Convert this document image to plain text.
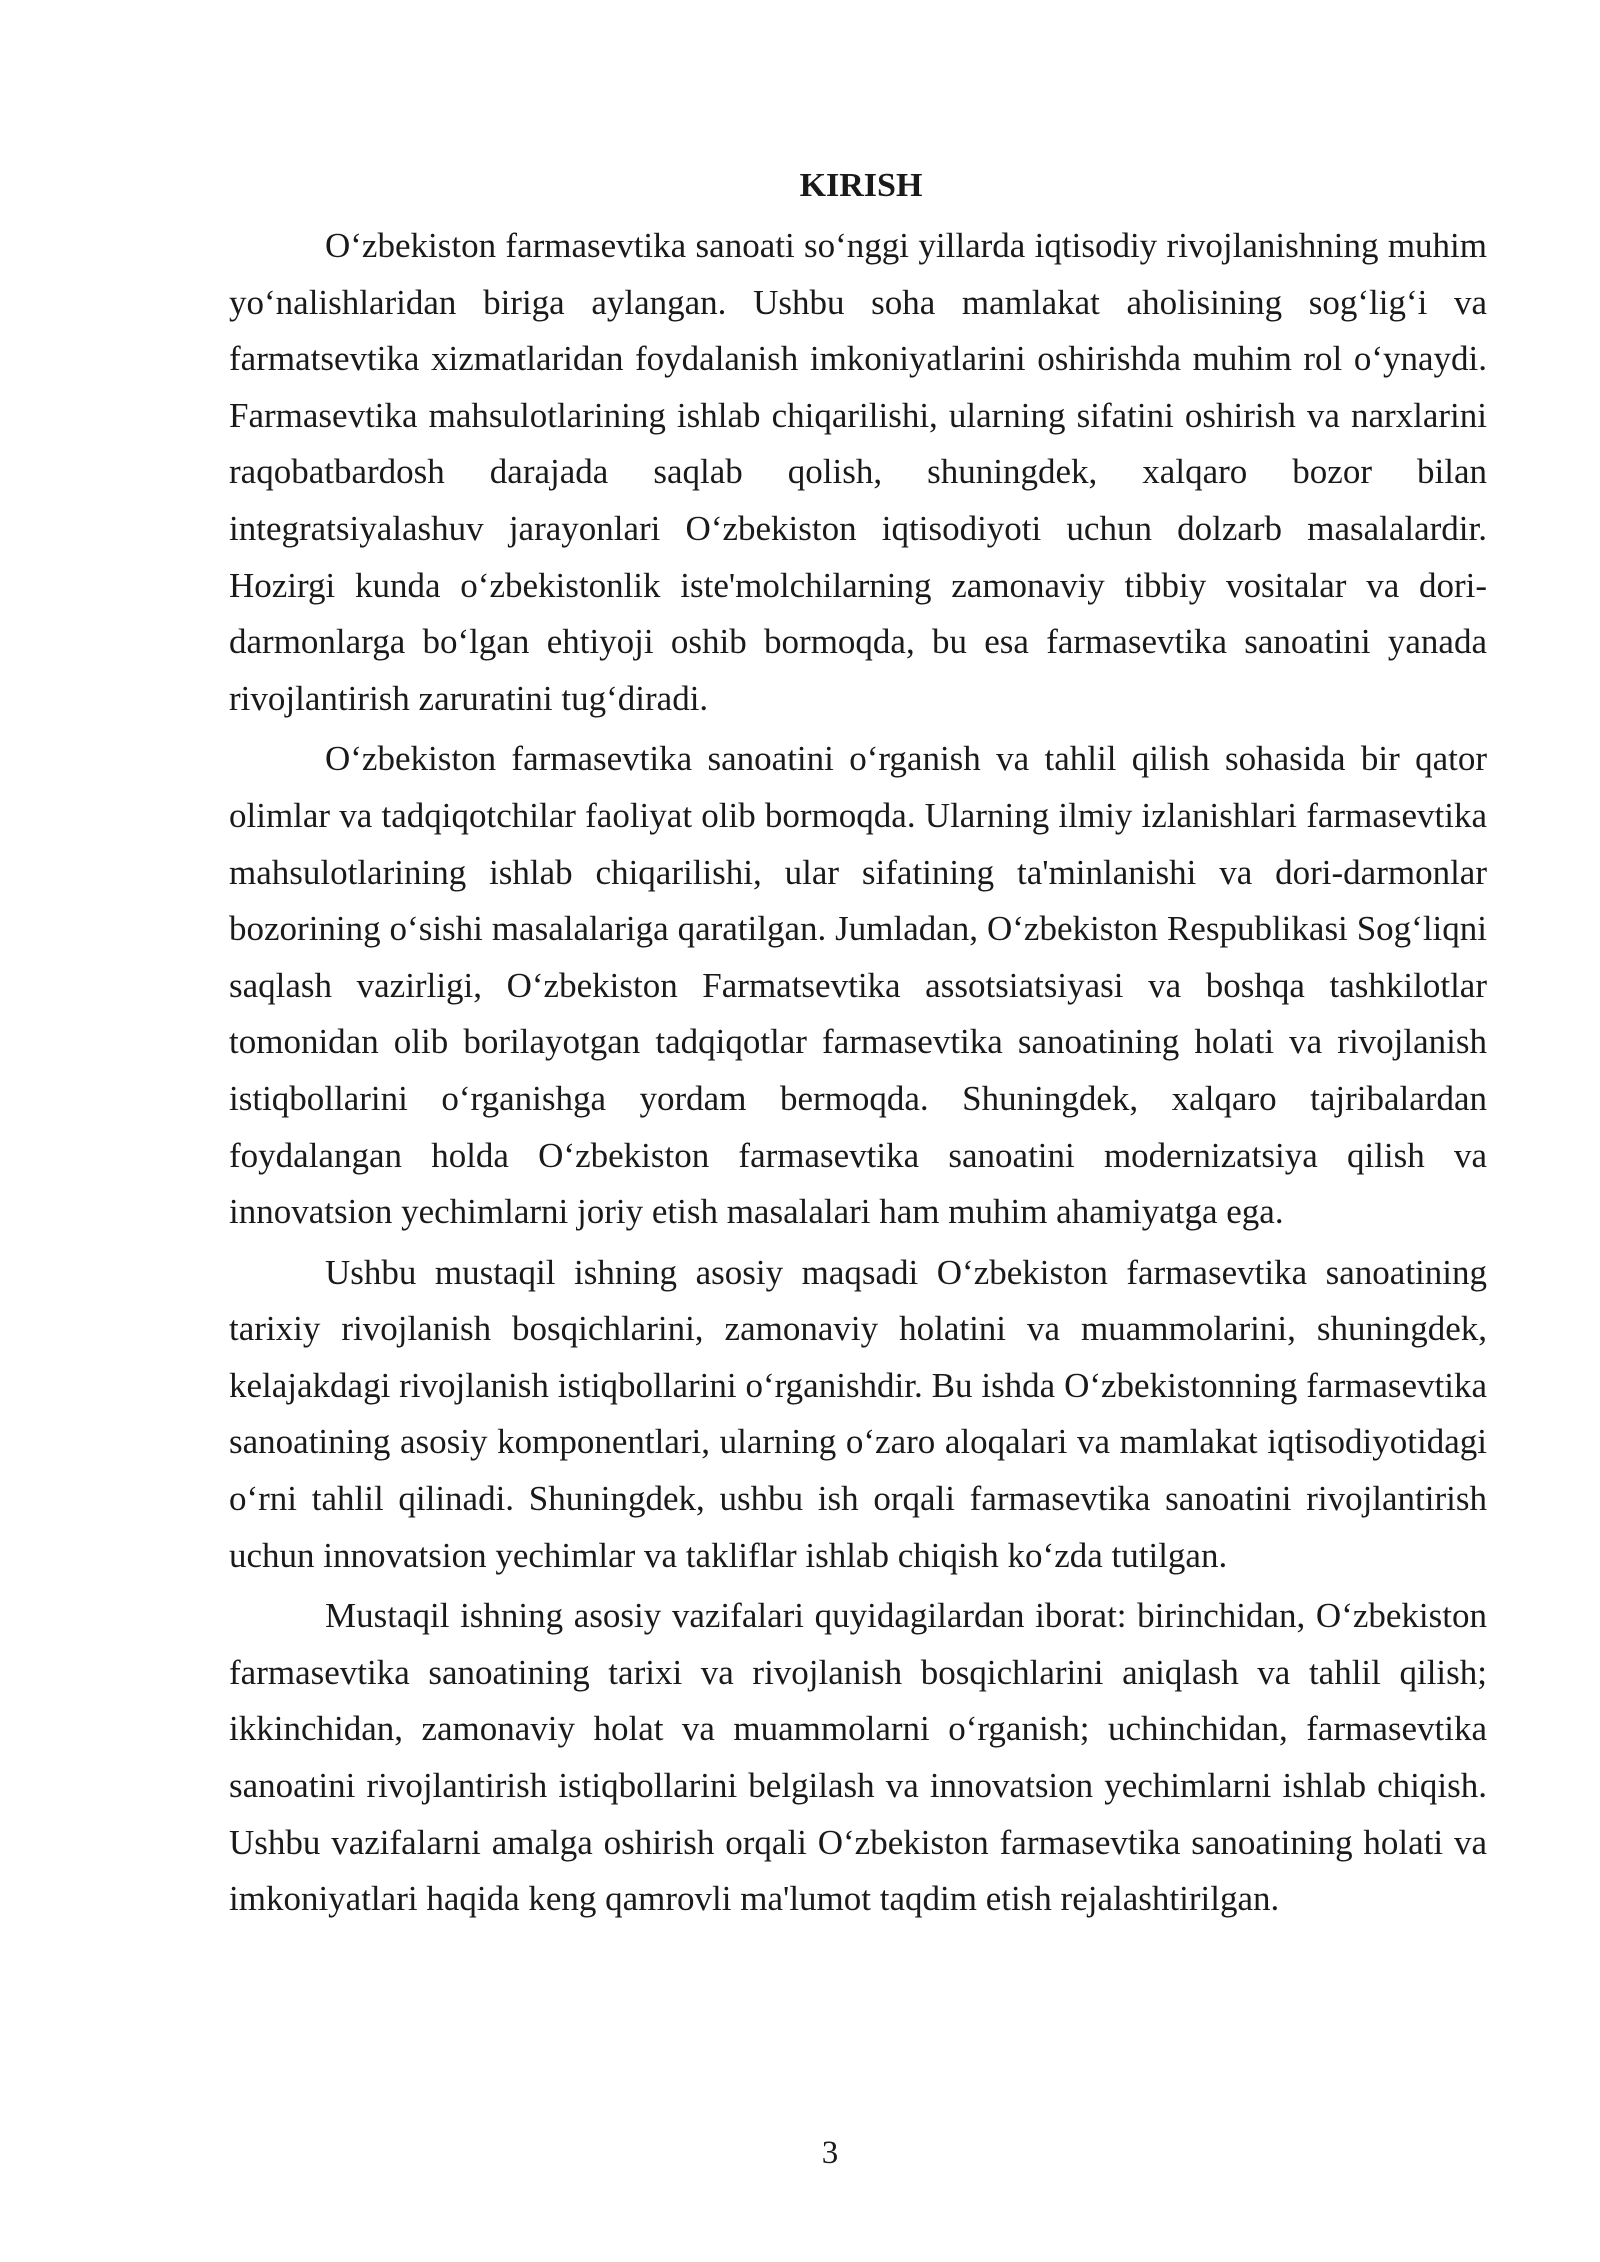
KIRISH

O‘zbekiston farmasevtika sanoati so‘nggi yillarda iqtisodiy rivojlanishning muhim yo‘nalishlaridan biriga aylangan. Ushbu soha mamlakat aholisining sog‘lig‘i va farmatsevtika xizmatlaridan foydalanish imkoniyatlarini oshirishda muhim rol o‘ynaydi. Farmasevtika mahsulotlarining ishlab chiqarilishi, ularning sifatini oshirish va narxlarini raqobatbardosh darajada saqlab qolish, shuningdek, xalqaro bozor bilan integratsiyalashuv jarayonlari O‘zbekiston iqtisodiyoti uchun dolzarb masalalardir. Hozirgi kunda o‘zbekistonlik iste'molchilarning zamonaviy tibbiy vositalar va dori-darmonlarga bo‘lgan ehtiyoji oshib bormoqda, bu esa farmasevtika sanoatini yanada rivojlantirish zaruratini tug‘diradi.

O‘zbekiston farmasevtika sanoatini o‘rganish va tahlil qilish sohasida bir qator olimlar va tadqiqotchilar faoliyat olib bormoqda. Ularning ilmiy izlanishlari farmasevtika mahsulotlarining ishlab chiqarilishi, ular sifatining ta'minlanishi va dori-darmonlar bozorining o‘sishi masalalariga qaratilgan. Jumladan, O‘zbekiston Respublikasi Sog‘liqni saqlash vazirligi, O‘zbekiston Farmatsevtika assotsiatsiyasi va boshqa tashkilotlar tomonidan olib borilayotgan tadqiqotlar farmasevtika sanoatining holati va rivojlanish istiqbollarini o‘rganishga yordam bermoqda. Shuningdek, xalqaro tajribalardan foydalangan holda O‘zbekiston farmasevtika sanoatini modernizatsiya qilish va innovatsion yechimlarni joriy etish masalalari ham muhim ahamiyatga ega.

Ushbu mustaqil ishning asosiy maqsadi O‘zbekiston farmasevtika sanoatining tarixiy rivojlanish bosqichlarini, zamonaviy holatini va muammolarini, shuningdek, kelajakdagi rivojlanish istiqbollarini o‘rganishdir. Bu ishda O‘zbekistonning farmasevtika sanoatining asosiy komponentlari, ularning o‘zaro aloqalari va mamlakat iqtisodiyotidagi o‘rni tahlil qilinadi. Shuningdek, ushbu ish orqali farmasevtika sanoatini rivojlantirish uchun innovatsion yechimlar va takliflar ishlab chiqish ko‘zda tutilgan.

Mustaqil ishning asosiy vazifalari quyidagilardan iborat: birinchidan, O‘zbekiston farmasevtika sanoatining tarixi va rivojlanish bosqichlarini aniqlash va tahlil qilish; ikkinchidan, zamonaviy holat va muammolarni o‘rganish; uchinchidan, farmasevtika sanoatini rivojlantirish istiqbollarini belgilash va innovatsion yechimlarni ishlab chiqish. Ushbu vazifalarni amalga oshirish orqali O‘zbekiston farmasevtika sanoatining holati va imkoniyatlari haqida keng qamrovli ma'lumot taqdim etish rejalashtirilgan.

3
